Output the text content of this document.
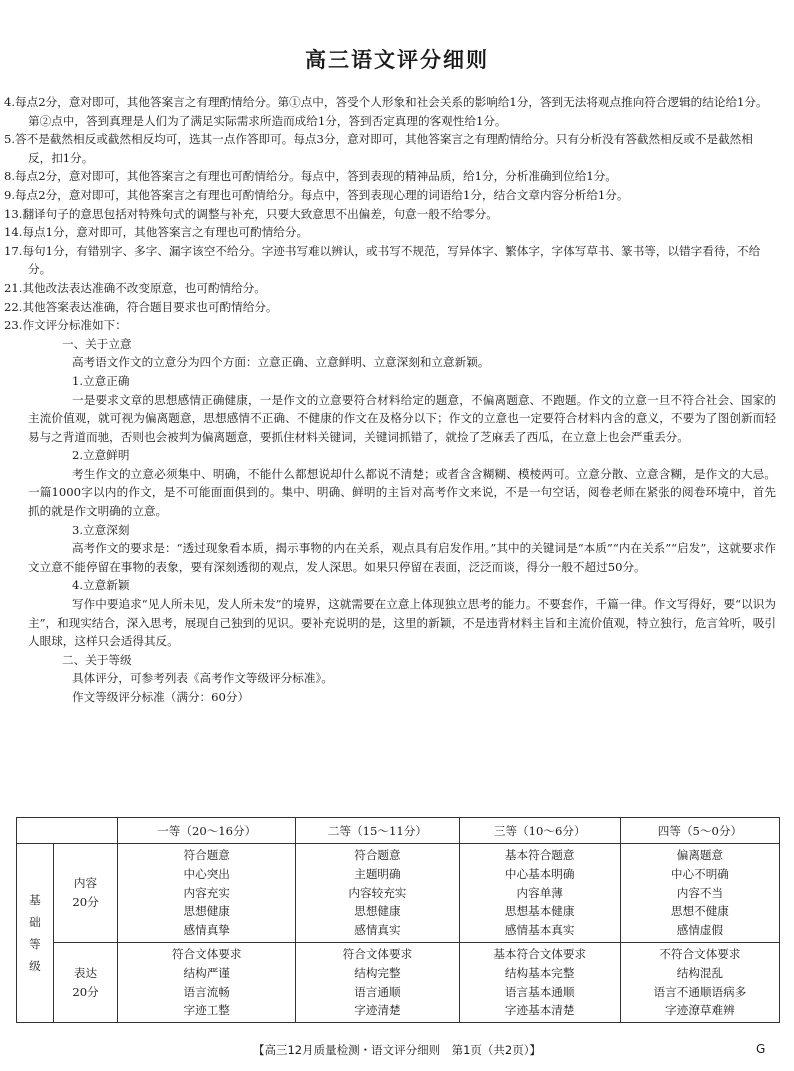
高三语文评分细则

4.每点2分，意对即可，其他答案言之有理酌情给分。第①点中，答受个人形象和社会关系的影响给1分，答到无法将观点推向符合逻辑的结论给1分。第②点中，答到真理是人们为了满足实际需求所造而成给1分，答到否定真理的客观性给1分。

5.答不是截然相反或截然相反均可，选其一点作答即可。每点3分，意对即可，其他答案言之有理酌情给分。只有分析没有答截然相反或不是截然相反，扣1分。

8.每点2分，意对即可，其他答案言之有理也可酌情给分。每点中，答到表现的精神品质，给1分，分析准确到位给1分。

9.每点2分，意对即可，其他答案言之有理也可酌情给分。每点中，答到表现心理的词语给1分，结合文章内容分析给1分。

13.翻译句子的意思包括对特殊句式的调整与补充，只要大致意思不出偏差，句意一般不给零分。

14.每点1分，意对即可，其他答案言之有理也可酌情给分。

17.每句1分，有错别字、多字、漏字该空不给分。字迹书写难以辨认，或书写不规范，写异体字、繁体字，字体写草书、篆书等，以错字看待，不给分。

21.其他改法表达准确不改变原意，也可酌情给分。

22.其他答案表达准确，符合题目要求也可酌情给分。

23.作文评分标准如下：

一、关于立意

高考语文作文的立意分为四个方面：立意正确、立意鲜明、立意深刻和立意新颖。

1.立意正确

一是要求文章的思想感情正确健康，一是作文的立意要符合材料给定的题意，不偏离题意、不跑题。作文的立意一旦不符合社会、国家的主流价值观，就可视为偏离题意，思想感情不正确、不健康的作文在及格分以下；作文的立意也一定要符合材料内含的意义，不要为了图创新而轻易与之背道而驰，否则也会被判为偏离题意，要抓住材料关键词，关键词抓错了，就捡了芝麻丢了西瓜，在立意上也会严重丢分。

2.立意鲜明

考生作文的立意必须集中、明确，不能什么都想说却什么都说不清楚；或者含含糊糊、模棱两可。立意分散、立意含糊，是作文的大忌。一篇1000字以内的作文，是不可能面面俱到的。集中、明确、鲜明的主旨对高考作文来说，不是一句空话，阅卷老师在紧张的阅卷环境中，首先抓的就是作文明确的立意。

3.立意深刻

高考作文的要求是：“透过现象看本质，揭示事物的内在关系，观点具有启发作用。”其中的关键词是“本质”“内在关系”“启发”，这就要求作文立意不能停留在事物的表象，要有深刻透彻的观点，发人深思。如果只停留在表面，泛泛而谈，得分一般不超过50分。

4.立意新颖

写作中要追求“见人所未见，发人所未发”的境界，这就需要在立意上体现独立思考的能力。不要套作，千篇一律。作文写得好，要“以识为主”，和现实结合，深入思考，展现自己独到的见识。要补充说明的是，这里的新颖，不是违背材料主旨和主流价值观，特立独行，危言耸听，吸引人眼球，这样只会适得其反。

二、关于等级

具体评分，可参考列表《高考作文等级评分标准》。

作文等级评分标准（满分：60分）

		一等（20～16分）	二等（15～11分）	三等（10～6分）	四等（5～0分）

基
础
等
级	内容
20分	符合题意
中心突出
内容充实
思想健康
感情真挚	符合题意
主题明确
内容较充实
思想健康
感情真实	基本符合题意
中心基本明确
内容单薄
思想基本健康
感情基本真实	偏离题意
中心不明确
内容不当
思想不健康
感情虚假

	表达
20分	符合文体要求
结构严谨
语言流畅
字迹工整	符合文体要求
结构完整
语言通顺
字迹清楚	基本符合文体要求
结构基本完整
语言基本通顺
字迹基本清楚	不符合文体要求
结构混乱
语言不通顺语病多
字迹潦草难辨
【高三12月质量检测・语文评分细则　第1页（共2页）】	G
